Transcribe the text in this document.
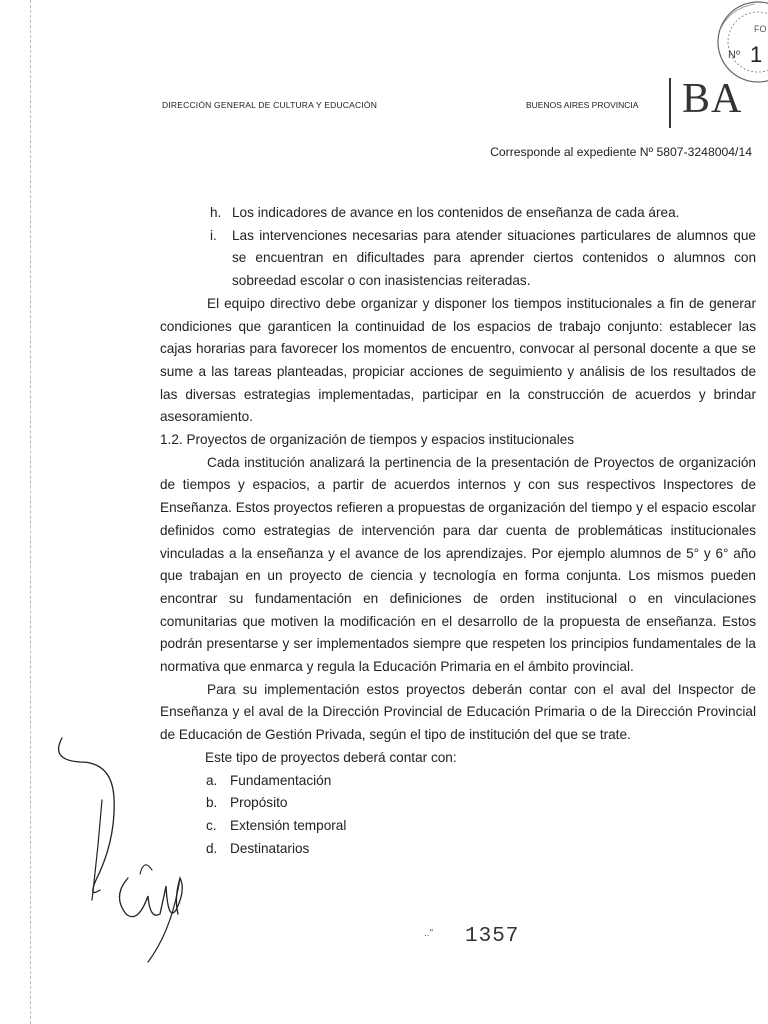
Nº 1
FO
DIRECCIÓN GENERAL DE CULTURA Y EDUCACIÓN	BUENOS AIRES PROVINCIA BA
Corresponde al expediente Nº 5807-3248004/14
h. Los indicadores de avance en los contenidos de enseñanza de cada área.

i. Las intervenciones necesarias para atender situaciones particulares de alumnos que se encuentran en dificultades para aprender ciertos contenidos o alumnos con sobreedad escolar o con inasistencias reiteradas.

El equipo directivo debe organizar y disponer los tiempos institucionales a fin de generar condiciones que garanticen la continuidad de los espacios de trabajo conjunto: establecer las cajas horarias para favorecer los momentos de encuentro, convocar al personal docente a que se sume a las tareas planteadas, propiciar acciones de seguimiento y análisis de los resultados de las diversas estrategias implementadas, participar en la construcción de acuerdos y brindar asesoramiento.

1.2. Proyectos de organización de tiempos y espacios institucionales

Cada institución analizará la pertinencia de la presentación de Proyectos de organización de tiempos y espacios, a partir de acuerdos internos y con sus respectivos Inspectores de Enseñanza. Estos proyectos refieren a propuestas de organización del tiempo y el espacio escolar definidos como estrategias de intervención para dar cuenta de problemáticas institucionales vinculadas a la enseñanza y el avance de los aprendizajes. Por ejemplo alumnos de 5° y 6° año que trabajan en un proyecto de ciencia y tecnología en forma conjunta. Los mismos pueden encontrar su fundamentación en definiciones de orden institucional o en vinculaciones comunitarias que motiven la modificación en el desarrollo de la propuesta de enseñanza. Estos podrán presentarse y ser implementados siempre que respeten los principios fundamentales de la normativa que enmarca y regula la Educación Primaria en el ámbito provincial.

Para su implementación estos proyectos deberán contar con el aval del Inspector de Enseñanza y el aval de la Dirección Provincial de Educación Primaria o de la Dirección Provincial de Educación de Gestión Privada, según el tipo de institución del que se trate.

Este tipo de proyectos deberá contar con:

a. Fundamentación
b. Propósito
c. Extensión temporal
d. Destinatarios
.." 1357
